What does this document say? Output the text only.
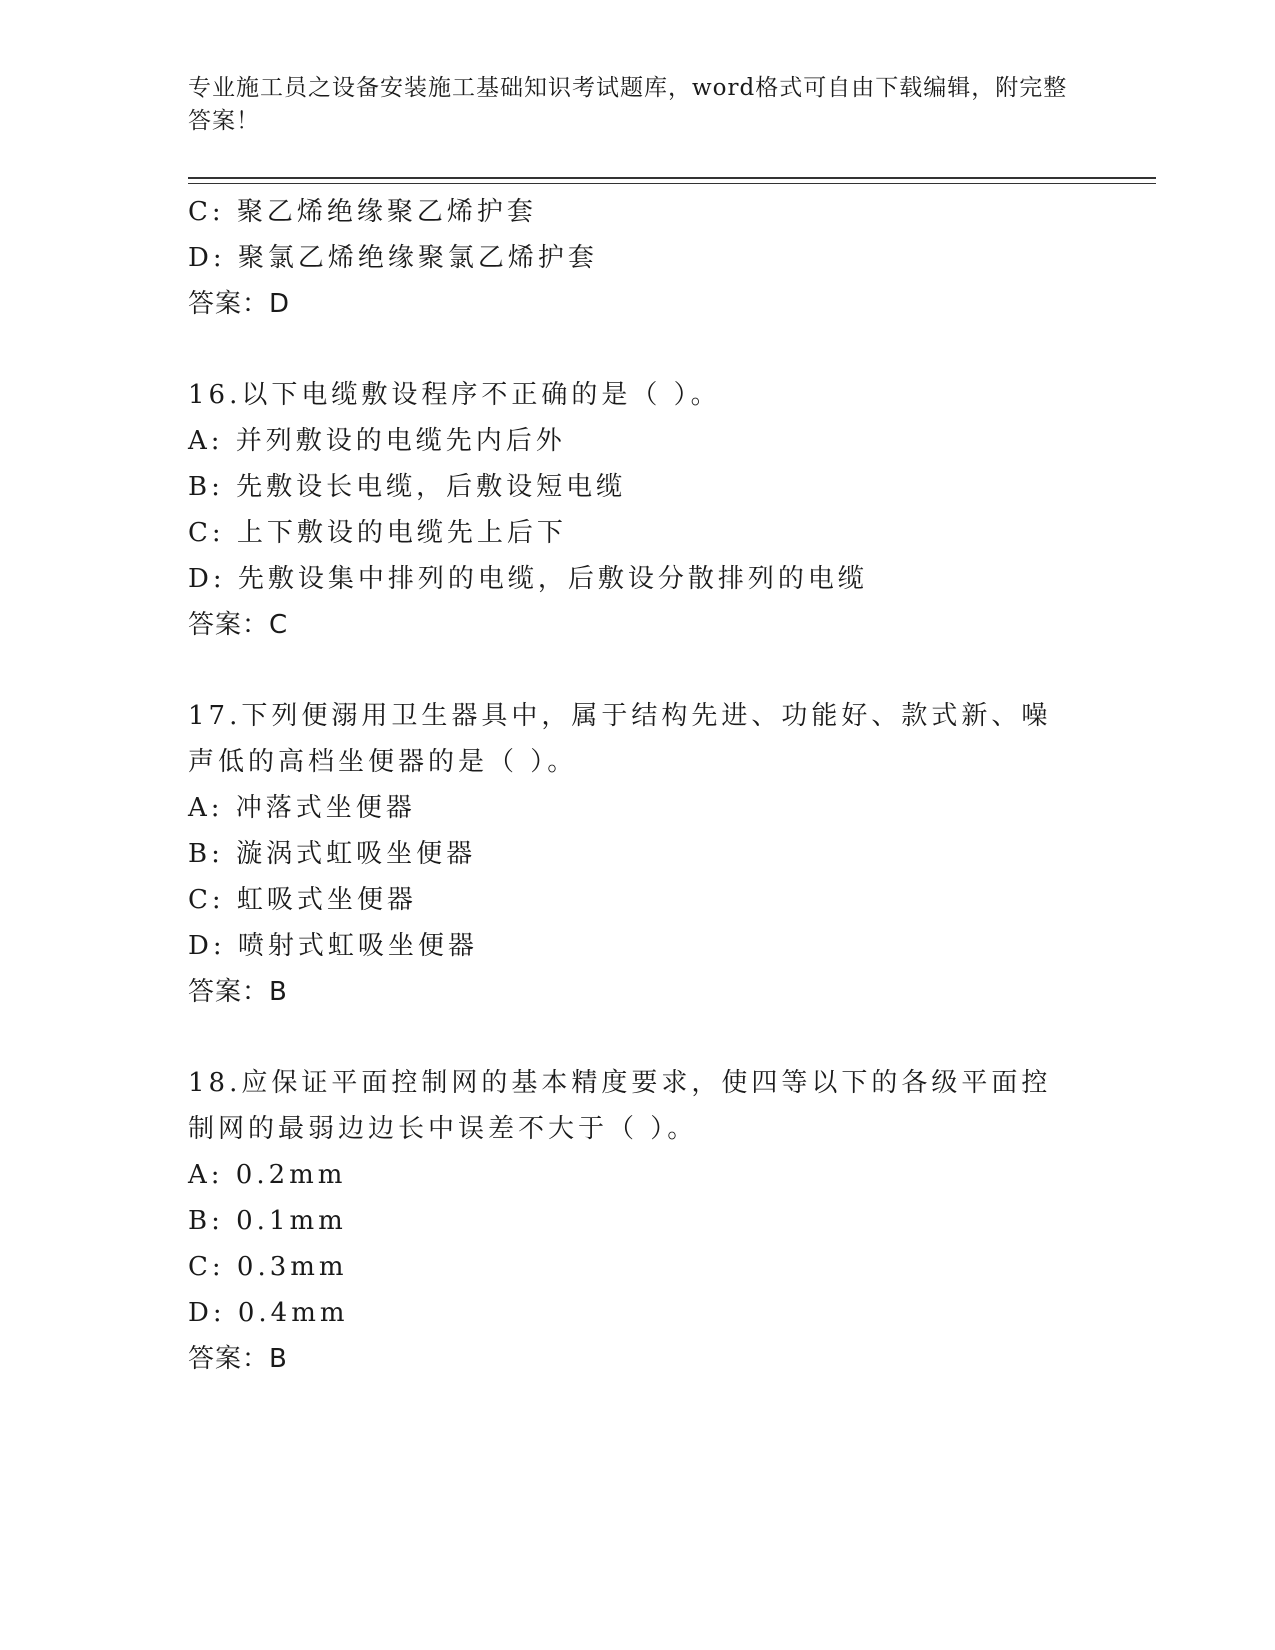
专业施工员之设备安装施工基础知识考试题库，word格式可自由下载编辑，附完整答案！
C: 聚乙烯绝缘聚乙烯护套
D: 聚氯乙烯绝缘聚氯乙烯护套
答案：D
16.以下电缆敷设程序不正确的是（ ）。
A: 并列敷设的电缆先内后外
B: 先敷设长电缆，后敷设短电缆
C: 上下敷设的电缆先上后下
D: 先敷设集中排列的电缆，后敷设分散排列的电缆
答案：C
17.下列便溺用卫生器具中，属于结构先进、功能好、款式新、噪声低的高档坐便器的是（ ）。
A: 冲落式坐便器
B: 漩涡式虹吸坐便器
C: 虹吸式坐便器
D: 喷射式虹吸坐便器
答案：B
18.应保证平面控制网的基本精度要求，使四等以下的各级平面控制网的最弱边边长中误差不大于（ ）。
A: 0.2mm
B: 0.1mm
C: 0.3mm
D: 0.4mm
答案：B
